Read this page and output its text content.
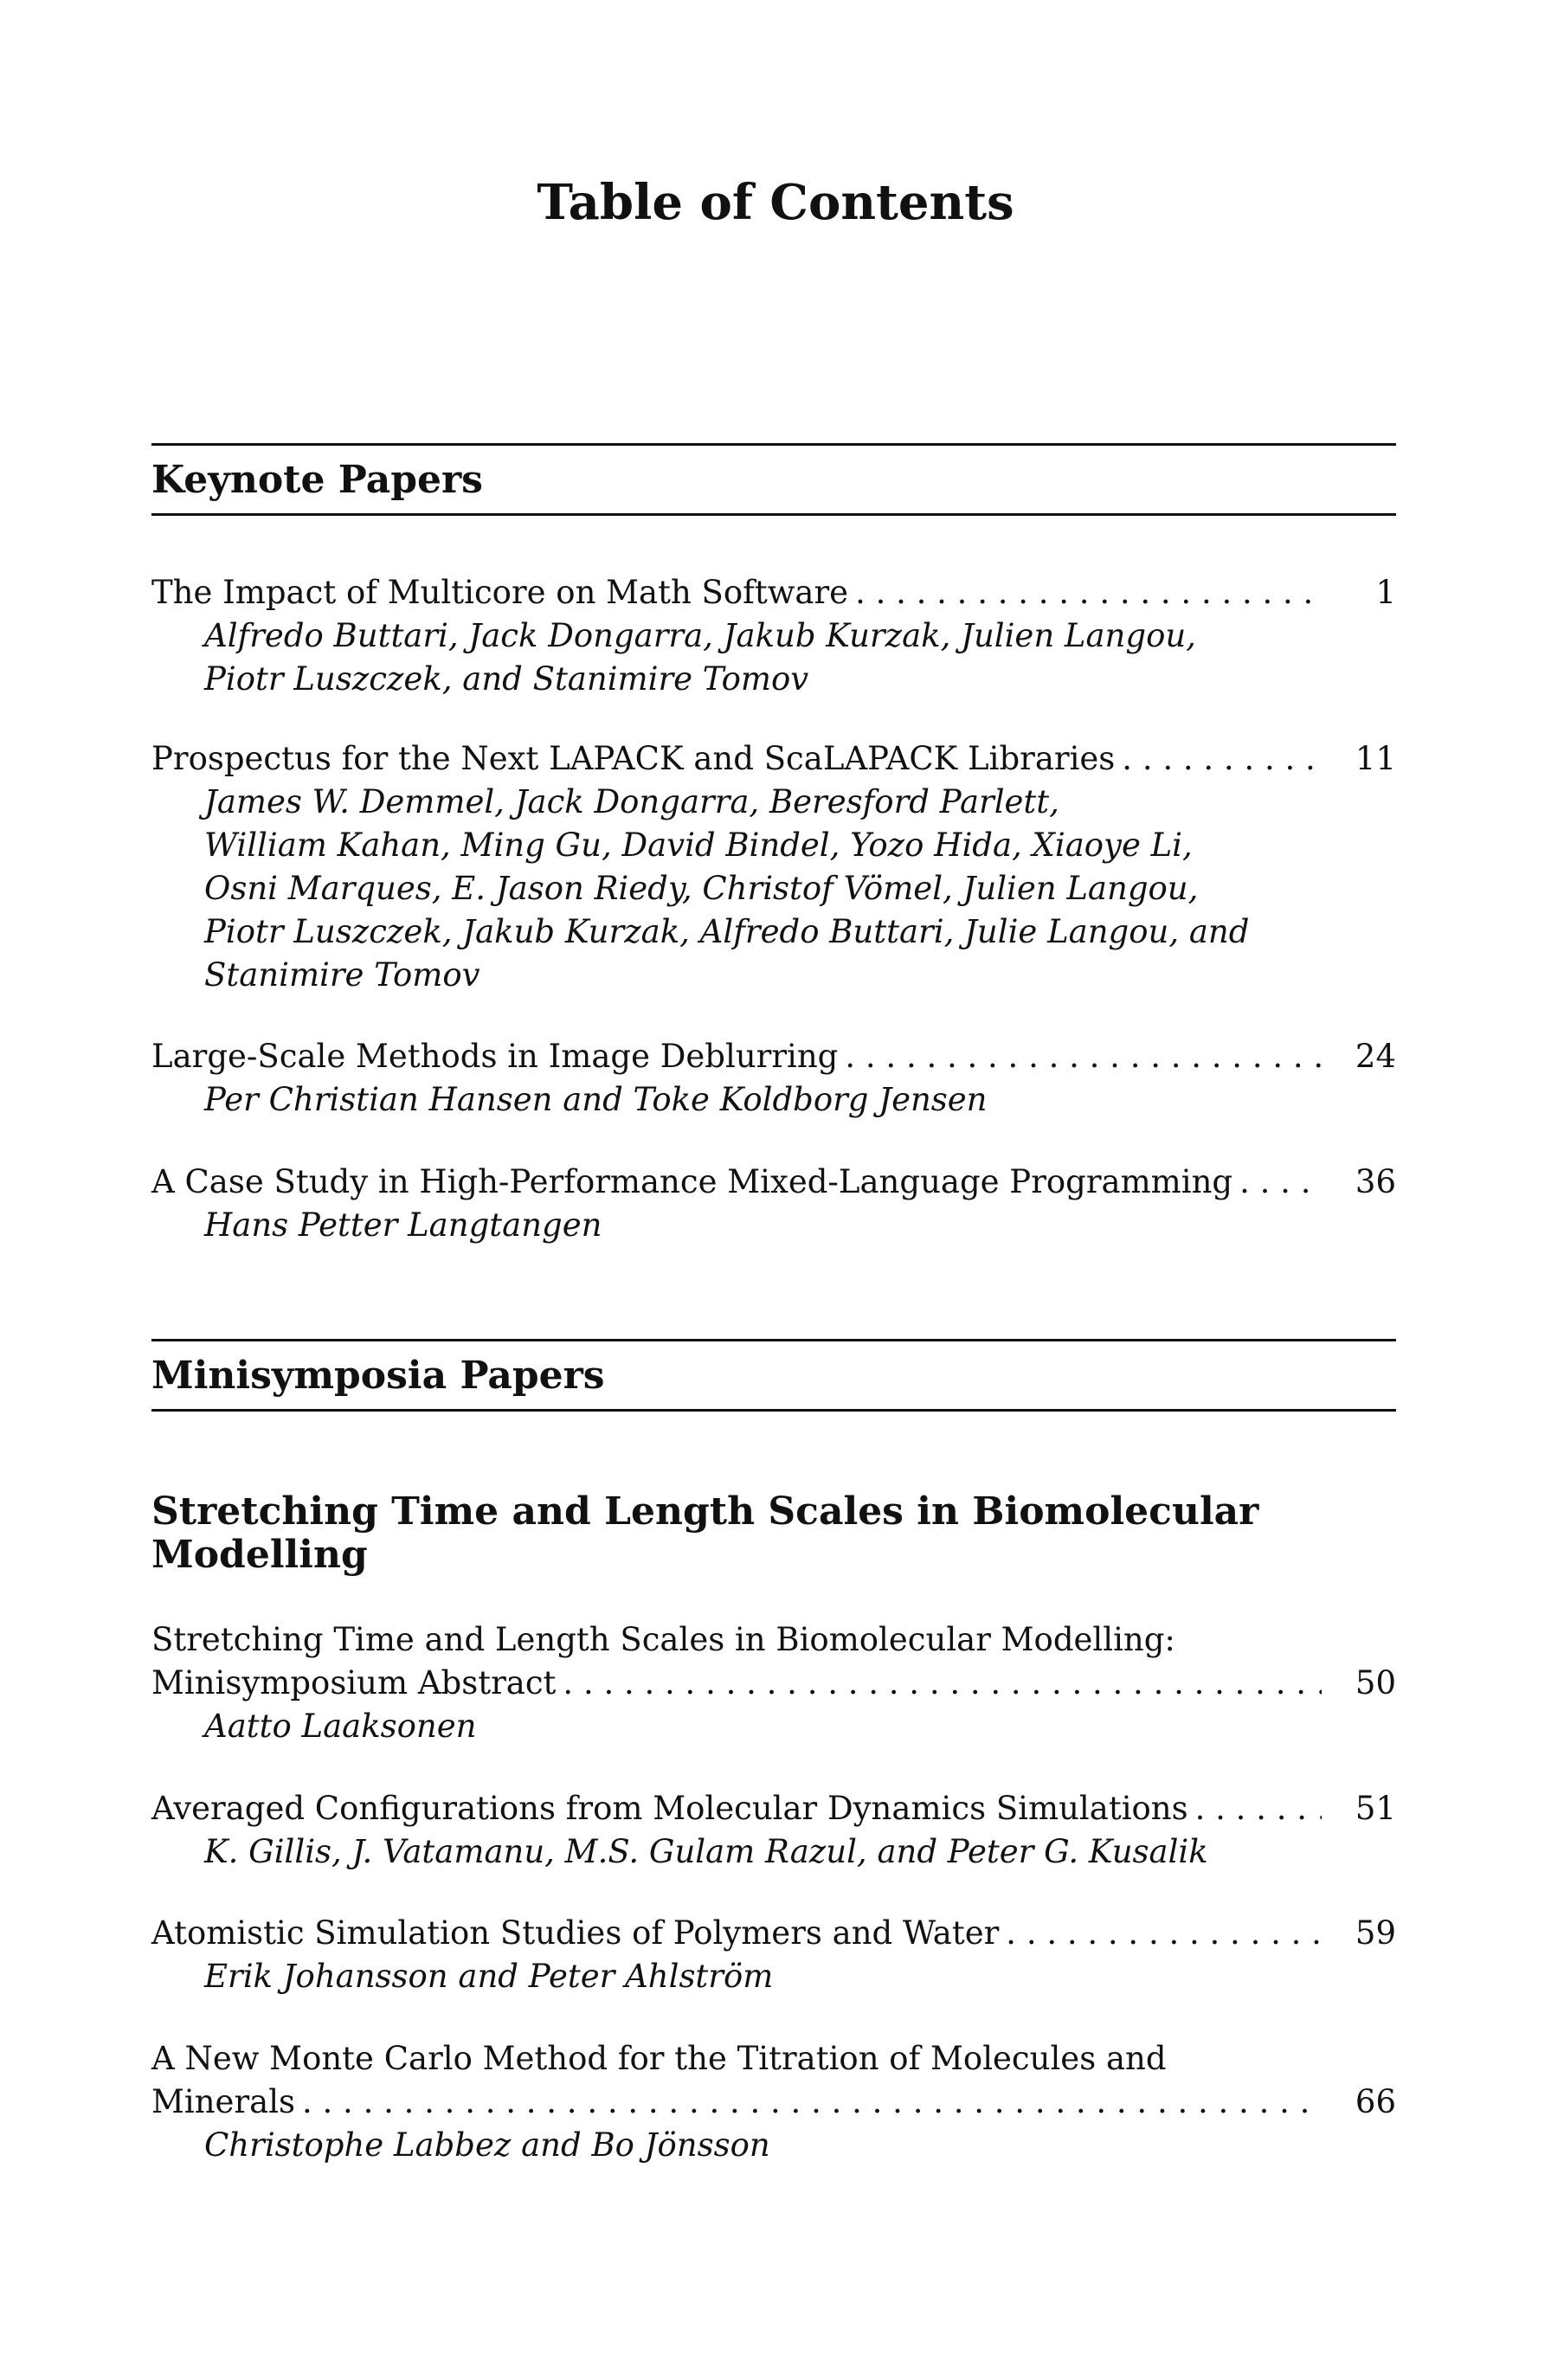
Table of Contents
Keynote Papers
The Impact of Multicore on Math Software . . .	1
Alfredo Buttari, Jack Dongarra, Jakub Kurzak, Julien Langou,
Piotr Luszczek, and Stanimire Tomov
Prospectus for the Next LAPACK and ScaLAPACK Libraries . . .	11
James W. Demmel, Jack Dongarra, Beresford Parlett,
William Kahan, Ming Gu, David Bindel, Yozo Hida, Xiaoye Li,
Osni Marques, E. Jason Riedy, Christof Vömel, Julien Langou,
Piotr Luszczek, Jakub Kurzak, Alfredo Buttari, Julie Langou, and
Stanimire Tomov
Large-Scale Methods in Image Deblurring . . .	24
Per Christian Hansen and Toke Koldborg Jensen
A Case Study in High-Performance Mixed-Language Programming . . .	36
Hans Petter Langtangen
Minisymposia Papers
Stretching Time and Length Scales in Biomolecular
Modelling
Stretching Time and Length Scales in Biomolecular Modelling:
Minisymposium Abstract . . .	50
Aatto Laaksonen
Averaged Configurations from Molecular Dynamics Simulations . . .	51
K. Gillis, J. Vatamanu, M.S. Gulam Razul, and Peter G. Kusalik
Atomistic Simulation Studies of Polymers and Water . . .	59
Erik Johansson and Peter Ahlström
A New Monte Carlo Method for the Titration of Molecules and
Minerals . . .	66
Christophe Labbez and Bo Jönsson
